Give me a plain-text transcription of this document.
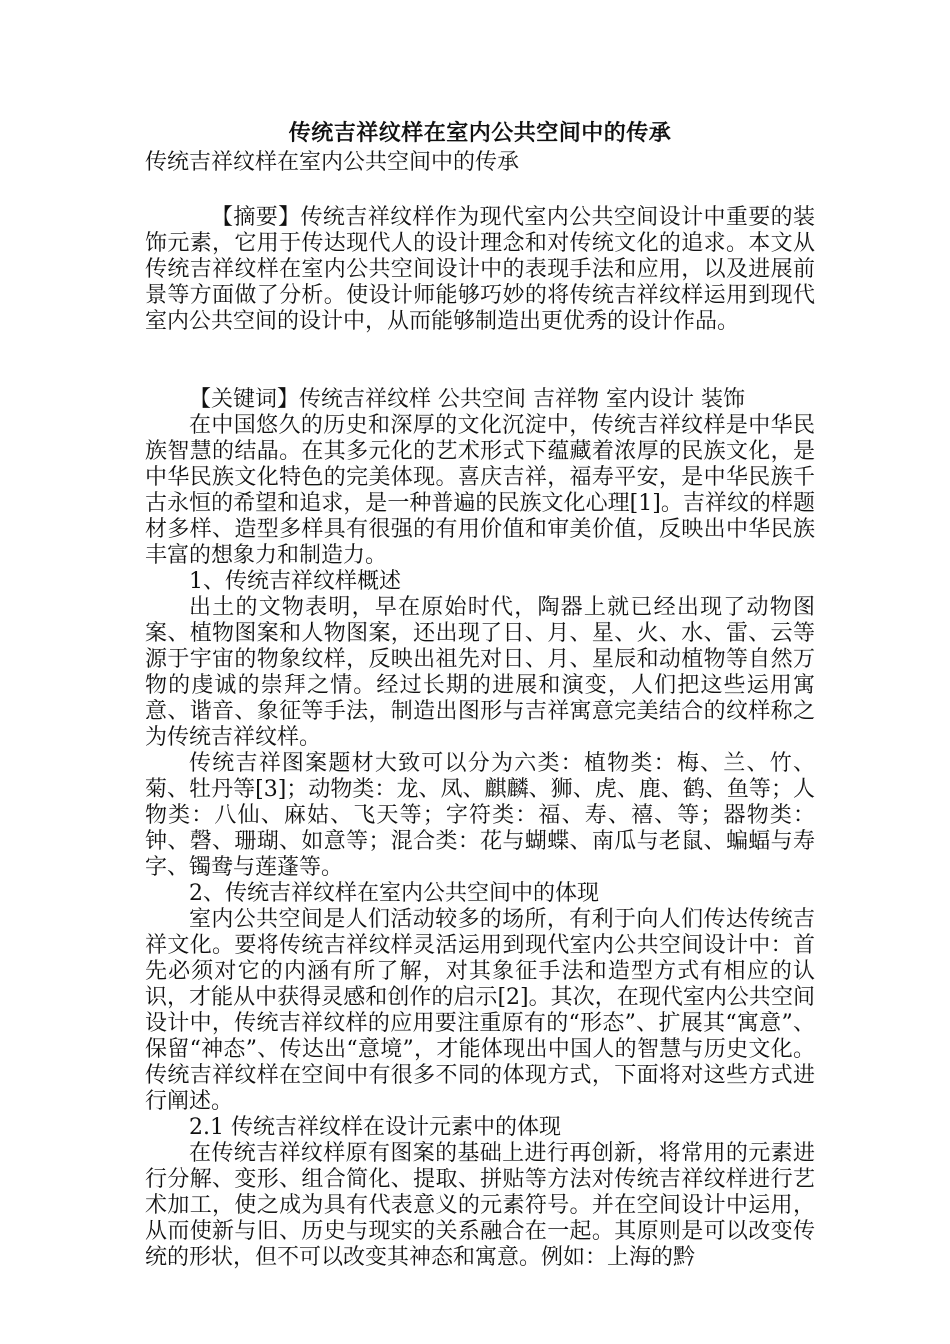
传统吉祥纹样在室内公共空间中的传承
传统吉祥纹样在室内公共空间中的传承

【摘要】传统吉祥纹样作为现代室内公共空间设计中重要的装饰元素，它用于传达现代人的设计理念和对传统文化的追求。本文从传统吉祥纹样在室内公共空间设计中的表现手法和应用，以及进展前景等方面做了分析。使设计师能够巧妙的将传统吉祥纹样运用到现代室内公共空间的设计中，从而能够制造出更优秀的设计作品。

【关键词】传统吉祥纹样 公共空间 吉祥物 室内设计 装饰

在中国悠久的历史和深厚的文化沉淀中，传统吉祥纹样是中华民族智慧的结晶。在其多元化的艺术形式下蕴藏着浓厚的民族文化，是中华民族文化特色的完美体现。喜庆吉祥，福寿平安，是中华民族千古永恒的希望和追求，是一种普遍的民族文化心理[1]。吉祥纹的样题材多样、造型多样具有很强的有用价值和审美价值，反映出中华民族丰富的想象力和制造力。

1、传统吉祥纹样概述

出土的文物表明，早在原始时代，陶器上就已经出现了动物图案、植物图案和人物图案，还出现了日、月、星、火、水、雷、云等源于宇宙的物象纹样，反映出祖先对日、月、星辰和动植物等自然万物的虔诚的崇拜之情。经过长期的进展和演变，人们把这些运用寓意、谐音、象征等手法，制造出图形与吉祥寓意完美结合的纹样称之为传统吉祥纹样。

传统吉祥图案题材大致可以分为六类：植物类：梅、兰、竹、菊、牡丹等[3]；动物类：龙、凤、麒麟、狮、虎、鹿、鹤、鱼等；人物类：八仙、麻姑、飞天等；字符类：福、寿、禧、等；器物类：钟、磬、珊瑚、如意等；混合类：花与蝴蝶、南瓜与老鼠、蝙蝠与寿字、镯鸯与莲蓬等。

2、传统吉祥纹样在室内公共空间中的体现

室内公共空间是人们活动较多的场所，有利于向人们传达传统吉祥文化。要将传统吉祥纹样灵活运用到现代室内公共空间设计中：首先必须对它的内涵有所了解，对其象征手法和造型方式有相应的认识，才能从中获得灵感和创作的启示[2]。其次，在现代室内公共空间设计中，传统吉祥纹样的应用要注重原有的“形态”、扩展其“寓意”、保留“神态”、传达出“意境”，才能体现出中国人的智慧与历史文化。传统吉祥纹样在空间中有很多不同的体现方式，下面将对这些方式进行阐述。

2.1 传统吉祥纹样在设计元素中的体现

在传统吉祥纹样原有图案的基础上进行再创新，将常用的元素进行分解、变形、组合简化、提取、拼贴等方法对传统吉祥纹样进行艺术加工，使之成为具有代表意义的元素符号。并在空间设计中运用，从而使新与旧、历史与现实的关系融合在一起。其原则是可以改变传统的形状，但不可以改变其神态和寓意。例如：上海的黔
